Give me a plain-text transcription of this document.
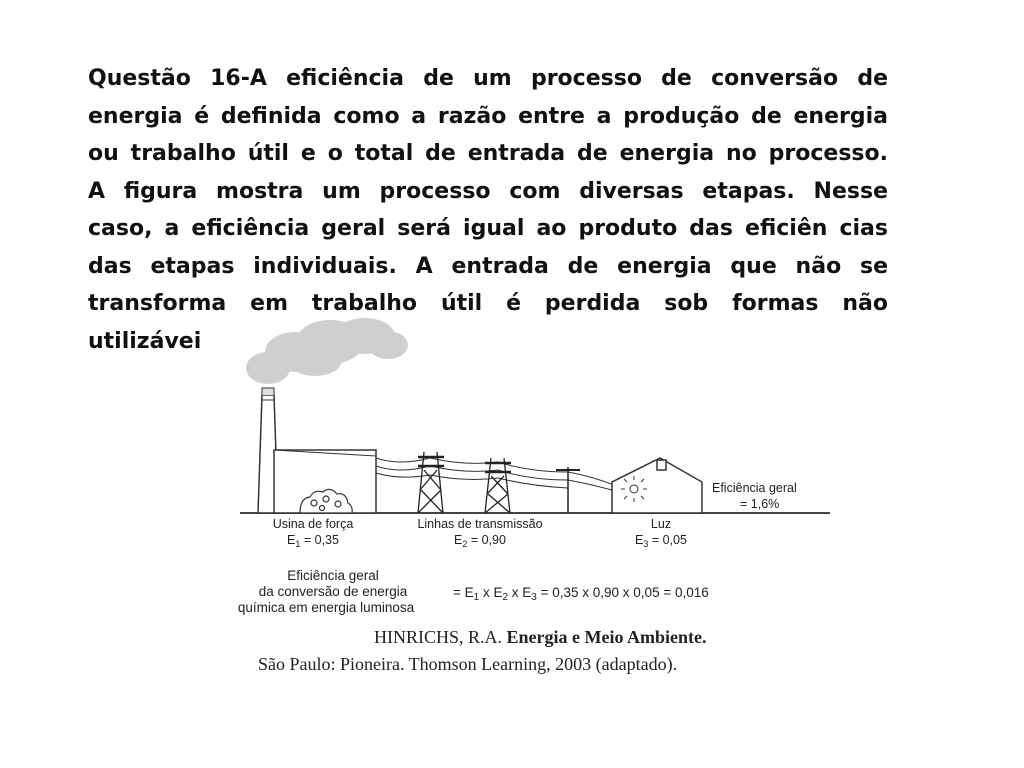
Usina de força
$E_1 = 0,35$
Linhas de transmissão
$E_2 = 0,90$
Luz
$E_3 = 0,05$
Eficiência geral
= 1,6%
Eficiência geral
da conversão de energia
química em energia luminosa
= $E_1$ x $E_2$ x $E_3 = 0,35$ x 0,90 x 0,05 = 0,016
HINRICHS, R.A. Energia e Meio Ambiente.
São Paulo: Pioneira. Thomson Learning, 2003 (adaptado).
Questão 16-A eficiência de um processo de conversão de
energia é definida como a razão entre a produção de energia
ou trabalho útil e o total de entrada de energia no processo.
A figura mostra um processo com diversas etapas. Nesse
caso, a eficiência geral será igual ao produto das eficiên cias
das etapas individuais. A entrada de energia que não se
transforma em trabalho útil é perdida sob formas não
utilizávei
